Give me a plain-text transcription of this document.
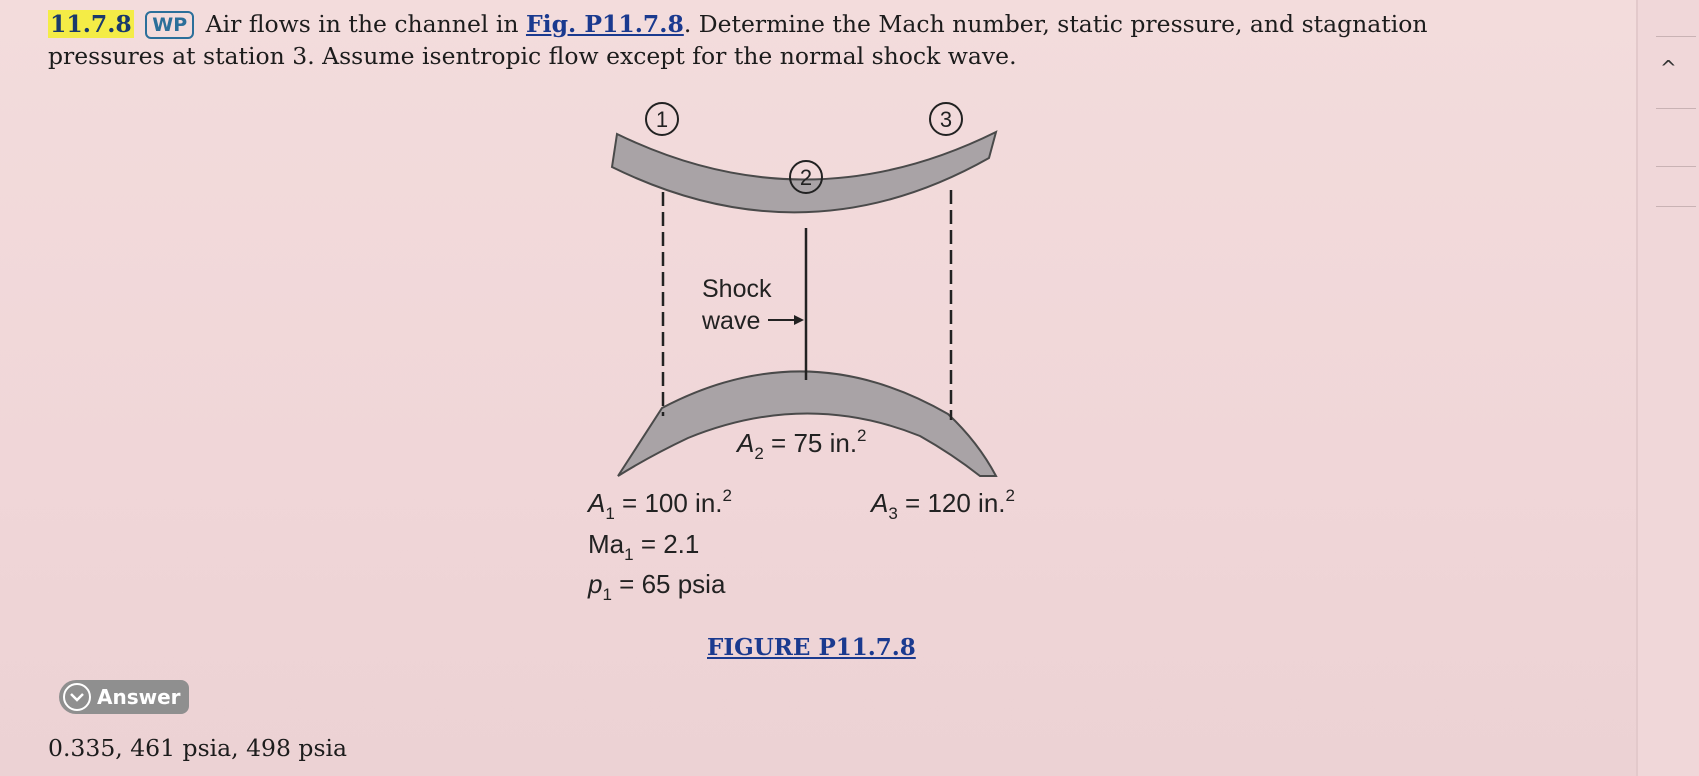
11.7.8 WP Air flows in the channel in Fig. P11.7.8. Determine the Mach number, static pressure, and stagnation pressures at station 3. Assume isentropic flow except for the normal shock wave.
1
2
3
Shock
wave
$A_2 = 75$ in.$^2$
$A_1 = 100$ in.$^2$	$A_3 = 120$ in.$^2$
$Ma_1 = 2.1$
$p_1 = 65$ psia
FIGURE P11.7.8
Answer
0.335, 461 psia, 498 psia
^
